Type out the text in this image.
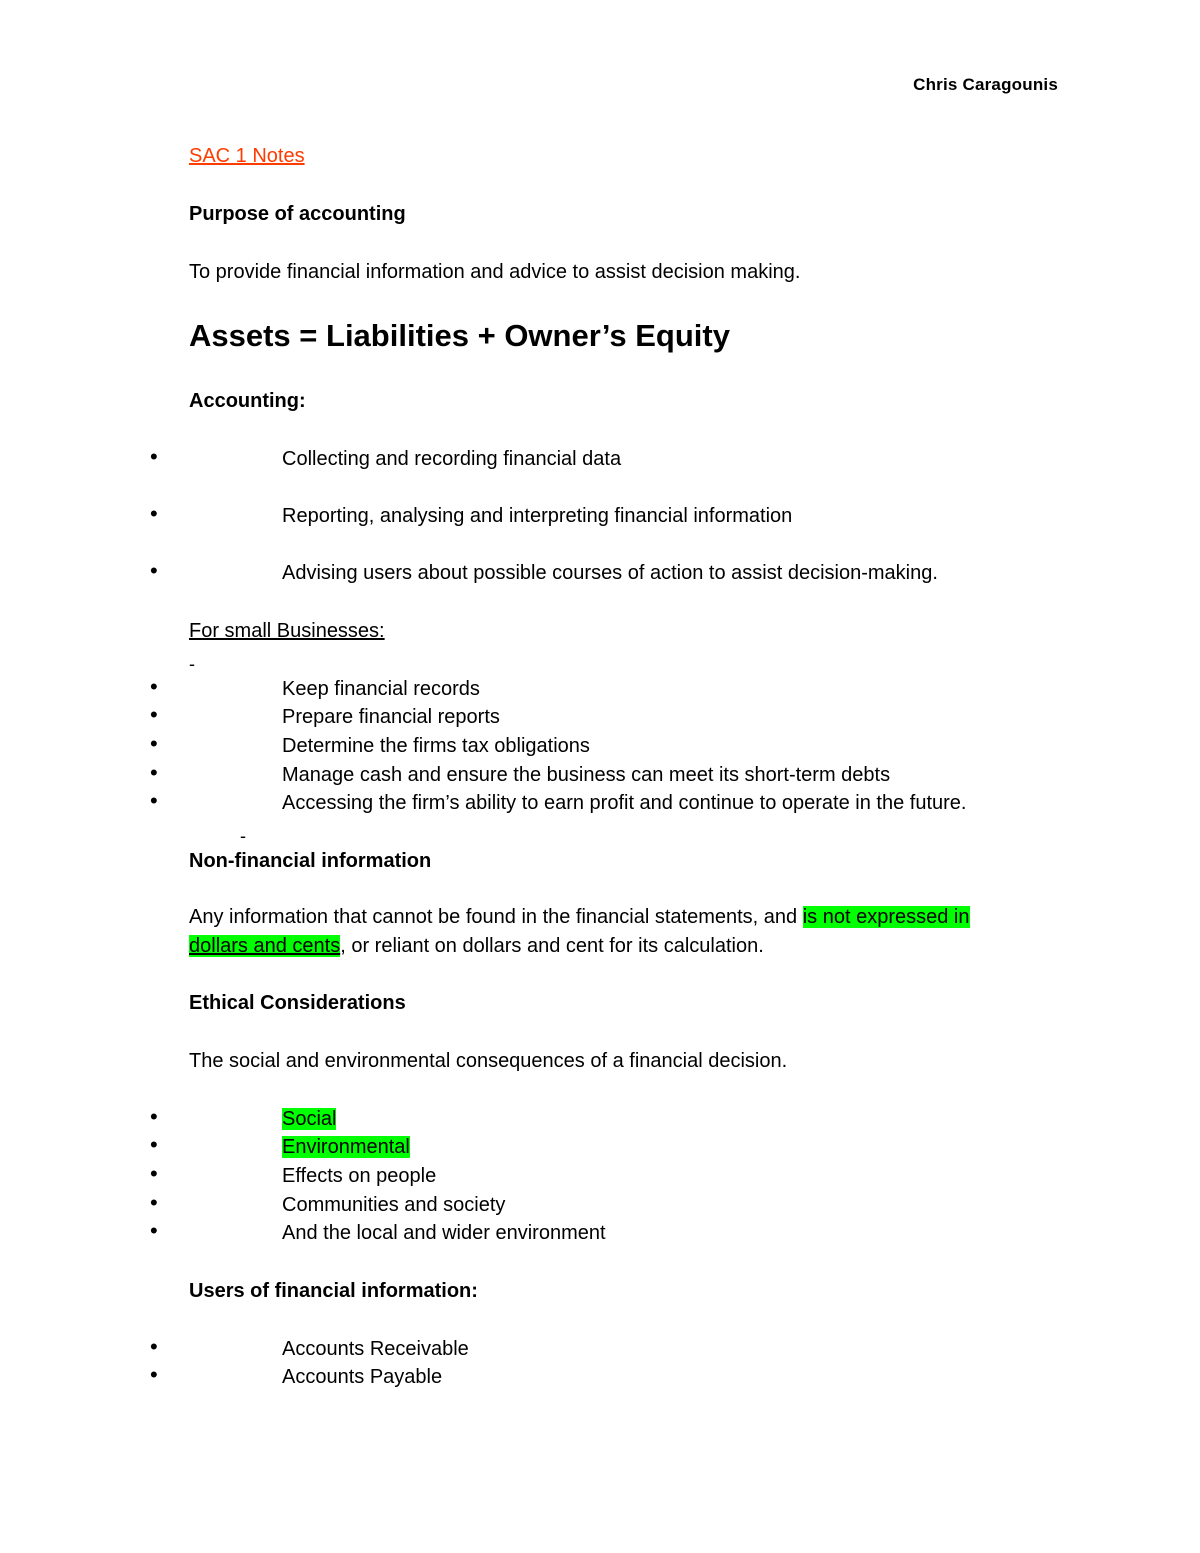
Chris Caragounis
SAC 1 Notes
Purpose of accounting
To provide financial information and advice to assist decision making.
Assets = Liabilities + Owner’s Equity
Accounting:
•	Collecting and recording financial data
•	Reporting, analysing and interpreting financial information
•	Advising users about possible courses of action to assist decision-making.
For small Businesses:
-
•	Keep financial records
•	Prepare financial reports
•	Determine the firms tax obligations
•	Manage cash and ensure the business can meet its short-term debts
•	Accessing the firm’s ability to earn profit and continue to operate in the future.
-
Non-financial information
Any information that cannot be found in the financial statements, and is not expressed in
dollars and cents, or reliant on dollars and cent for its calculation.
Ethical Considerations
The social and environmental consequences of a financial decision.
•	Social
•	Environmental
•	Effects on people
•	Communities and society
•	And the local and wider environment
Users of financial information:
•	Accounts Receivable
•	Accounts Payable
